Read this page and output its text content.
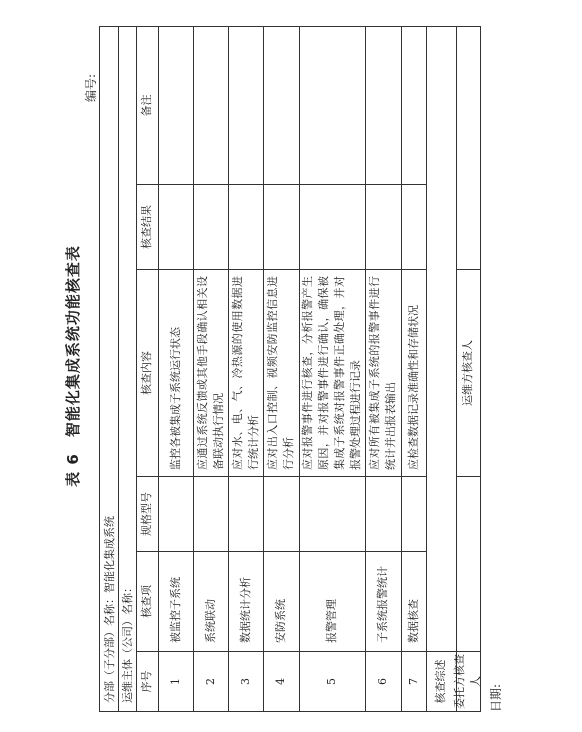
表 6　智能化集成系统功能核查表
编号:
分部（子分部）名称：智能化集成系统 运维主体（公司）名称： 序号
核查项
规格型号
核查内容
核查结果
备注
1
被监控子系统
监控各被集成子系统运行状态
2
系统联动
应通过系统反馈或其他手段确认相关设备联动执行情况
3
数据统计分析
应对水、电、气、冷热源的使用数据进行统计分析
4
安防系统
应对出入口控制、视频安防监控信息进行分析
5
报警管理
应对报警事件进行核查，分析报警产生原因，并对报警事件进行确认，确保被集成子系统对报警事件正确处理，并对报警处理过程进行记录
6
子系统报警统计
应对所有被集成子系统的报警事件进行统计并出报表输出
7
数据核查
应检查数据记录准确性和存储状况
核查综述 委托方核查人
运维方核查人
日期:
